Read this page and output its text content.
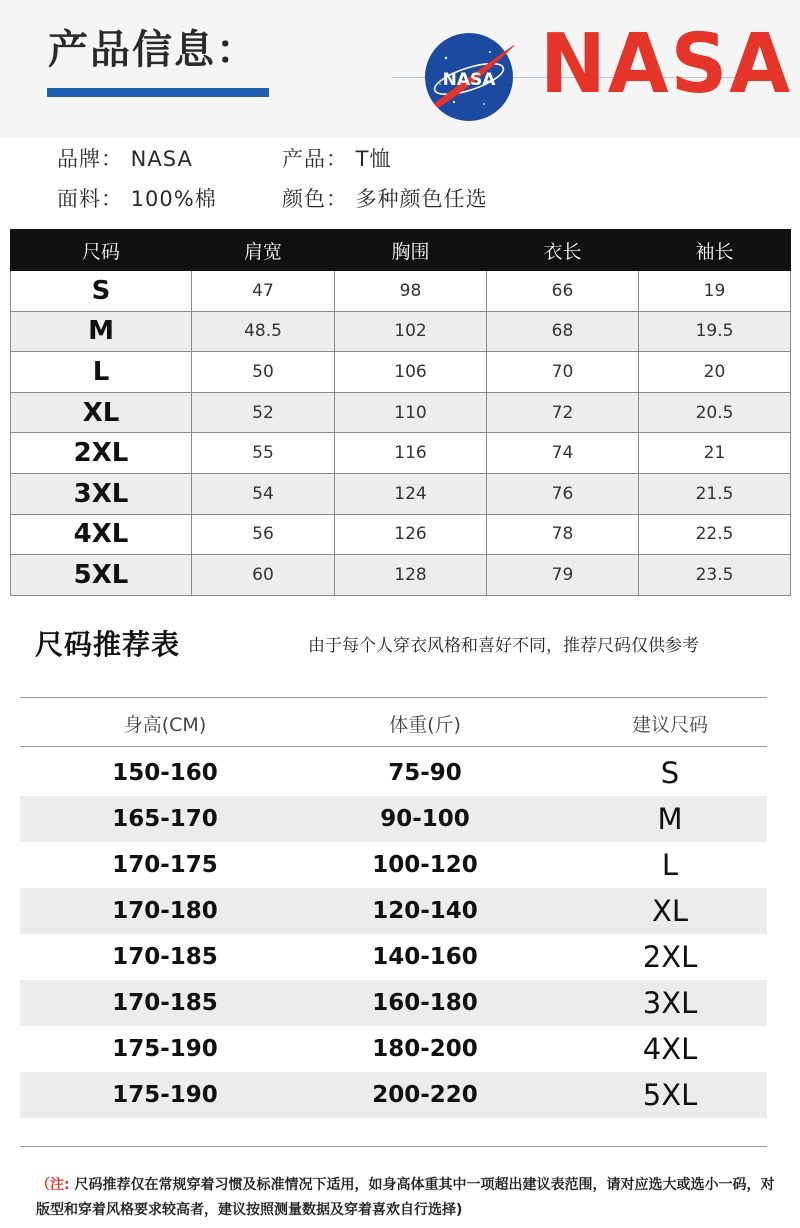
产品信息：
NASA NASA
品牌： NASA	产品： T恤
面料： 100%棉	颜色： 多种颜色任选
尺码	肩宽	胸围	衣长	袖长
S	47	98	66	19
M	48.5	102	68	19.5
L	50	106	70	20
XL	52	110	72	20.5
2XL	55	116	74	21
3XL	54	124	76	21.5
4XL	56	126	78	22.5
5XL	60	128	79	23.5
尺码推荐表	由于每个人穿衣风格和喜好不同，推荐尺码仅供参考
身高(CM)	体重(斤)	建议尺码
150-160	75-90	S
165-170	90-100	M
170-175	100-120	L
170-180	120-140	XL
170-185	140-160	2XL
170-185	160-180	3XL
175-190	180-200	4XL
175-190	200-220	5XL
（注: 尺码推荐仅在常规穿着习惯及标准情况下适用，如身高体重其中一项超出建议表范围，请对应选大或选小一码，对版型和穿着风格要求较高者，建议按照测量数据及穿着喜欢自行选择)
